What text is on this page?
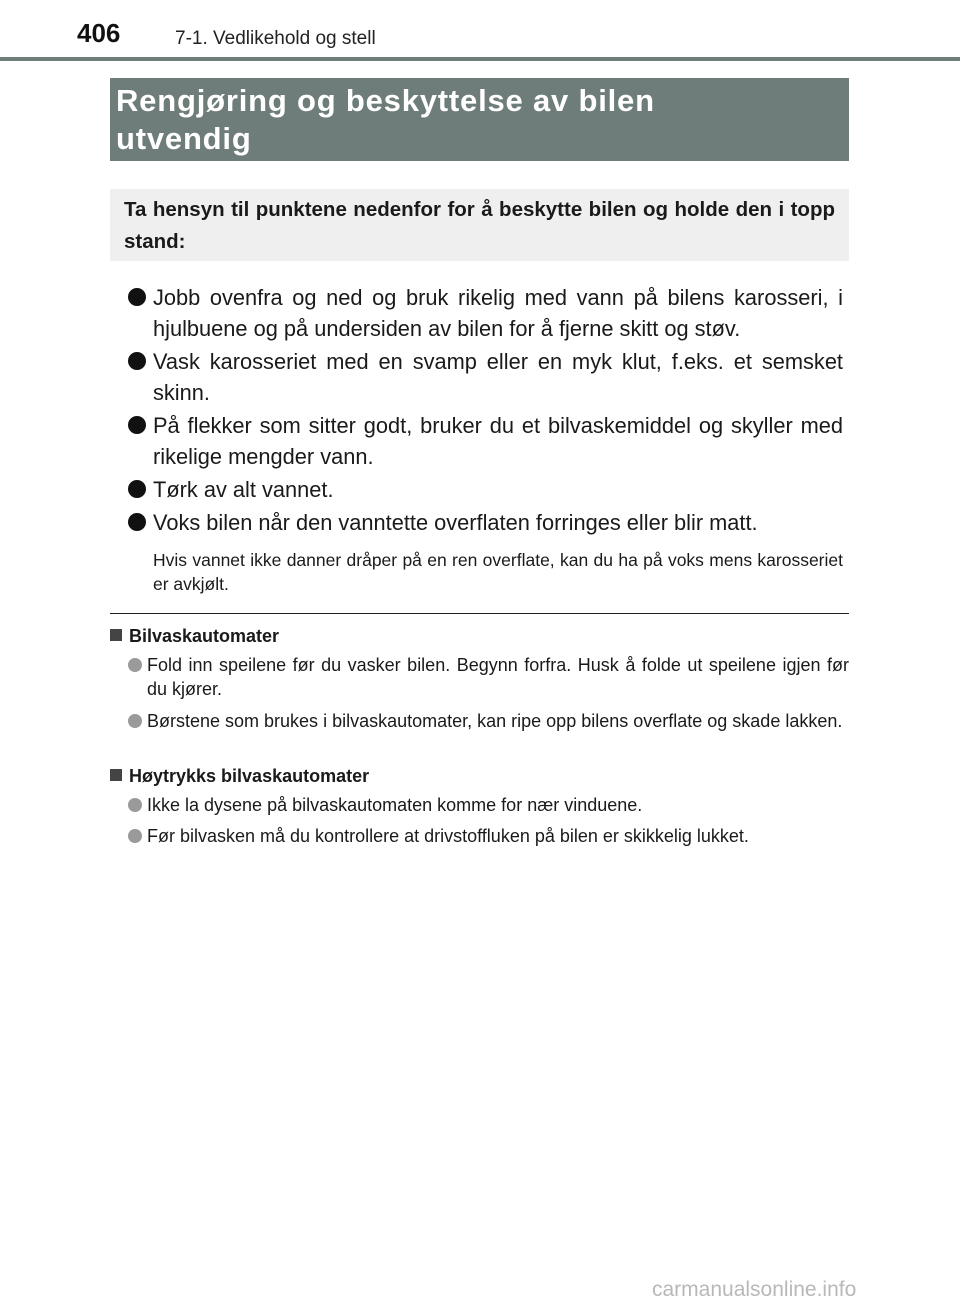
406	7-1. Vedlikehold og stell
Rengjøring og beskyttelse av bilen
utvendig
Ta hensyn til punktene nedenfor for å beskytte bilen og holde den i topp stand:
Jobb ovenfra og ned og bruk rikelig med vann på bilens karosseri, i hjulbuene og på undersiden av bilen for å fjerne skitt og støv.
Vask karosseriet med en svamp eller en myk klut, f.eks. et semsket skinn.
På flekker som sitter godt, bruker du et bilvaskemiddel og skyller med rikelige mengder vann.
Tørk av alt vannet.
Voks bilen når den vanntette overflaten forringes eller blir matt.
Hvis vannet ikke danner dråper på en ren overflate, kan du ha på voks mens karosseriet er avkjølt.
Bilvaskautomater
Fold inn speilene før du vasker bilen. Begynn forfra. Husk å folde ut speilene igjen før du kjører.
Børstene som brukes i bilvaskautomater, kan ripe opp bilens overflate og skade lakken.
Høytrykks bilvaskautomater
Ikke la dysene på bilvaskautomaten komme for nær vinduene.
Før bilvasken må du kontrollere at drivstoffluken på bilen er skikkelig lukket.
carmanualsonline.info
